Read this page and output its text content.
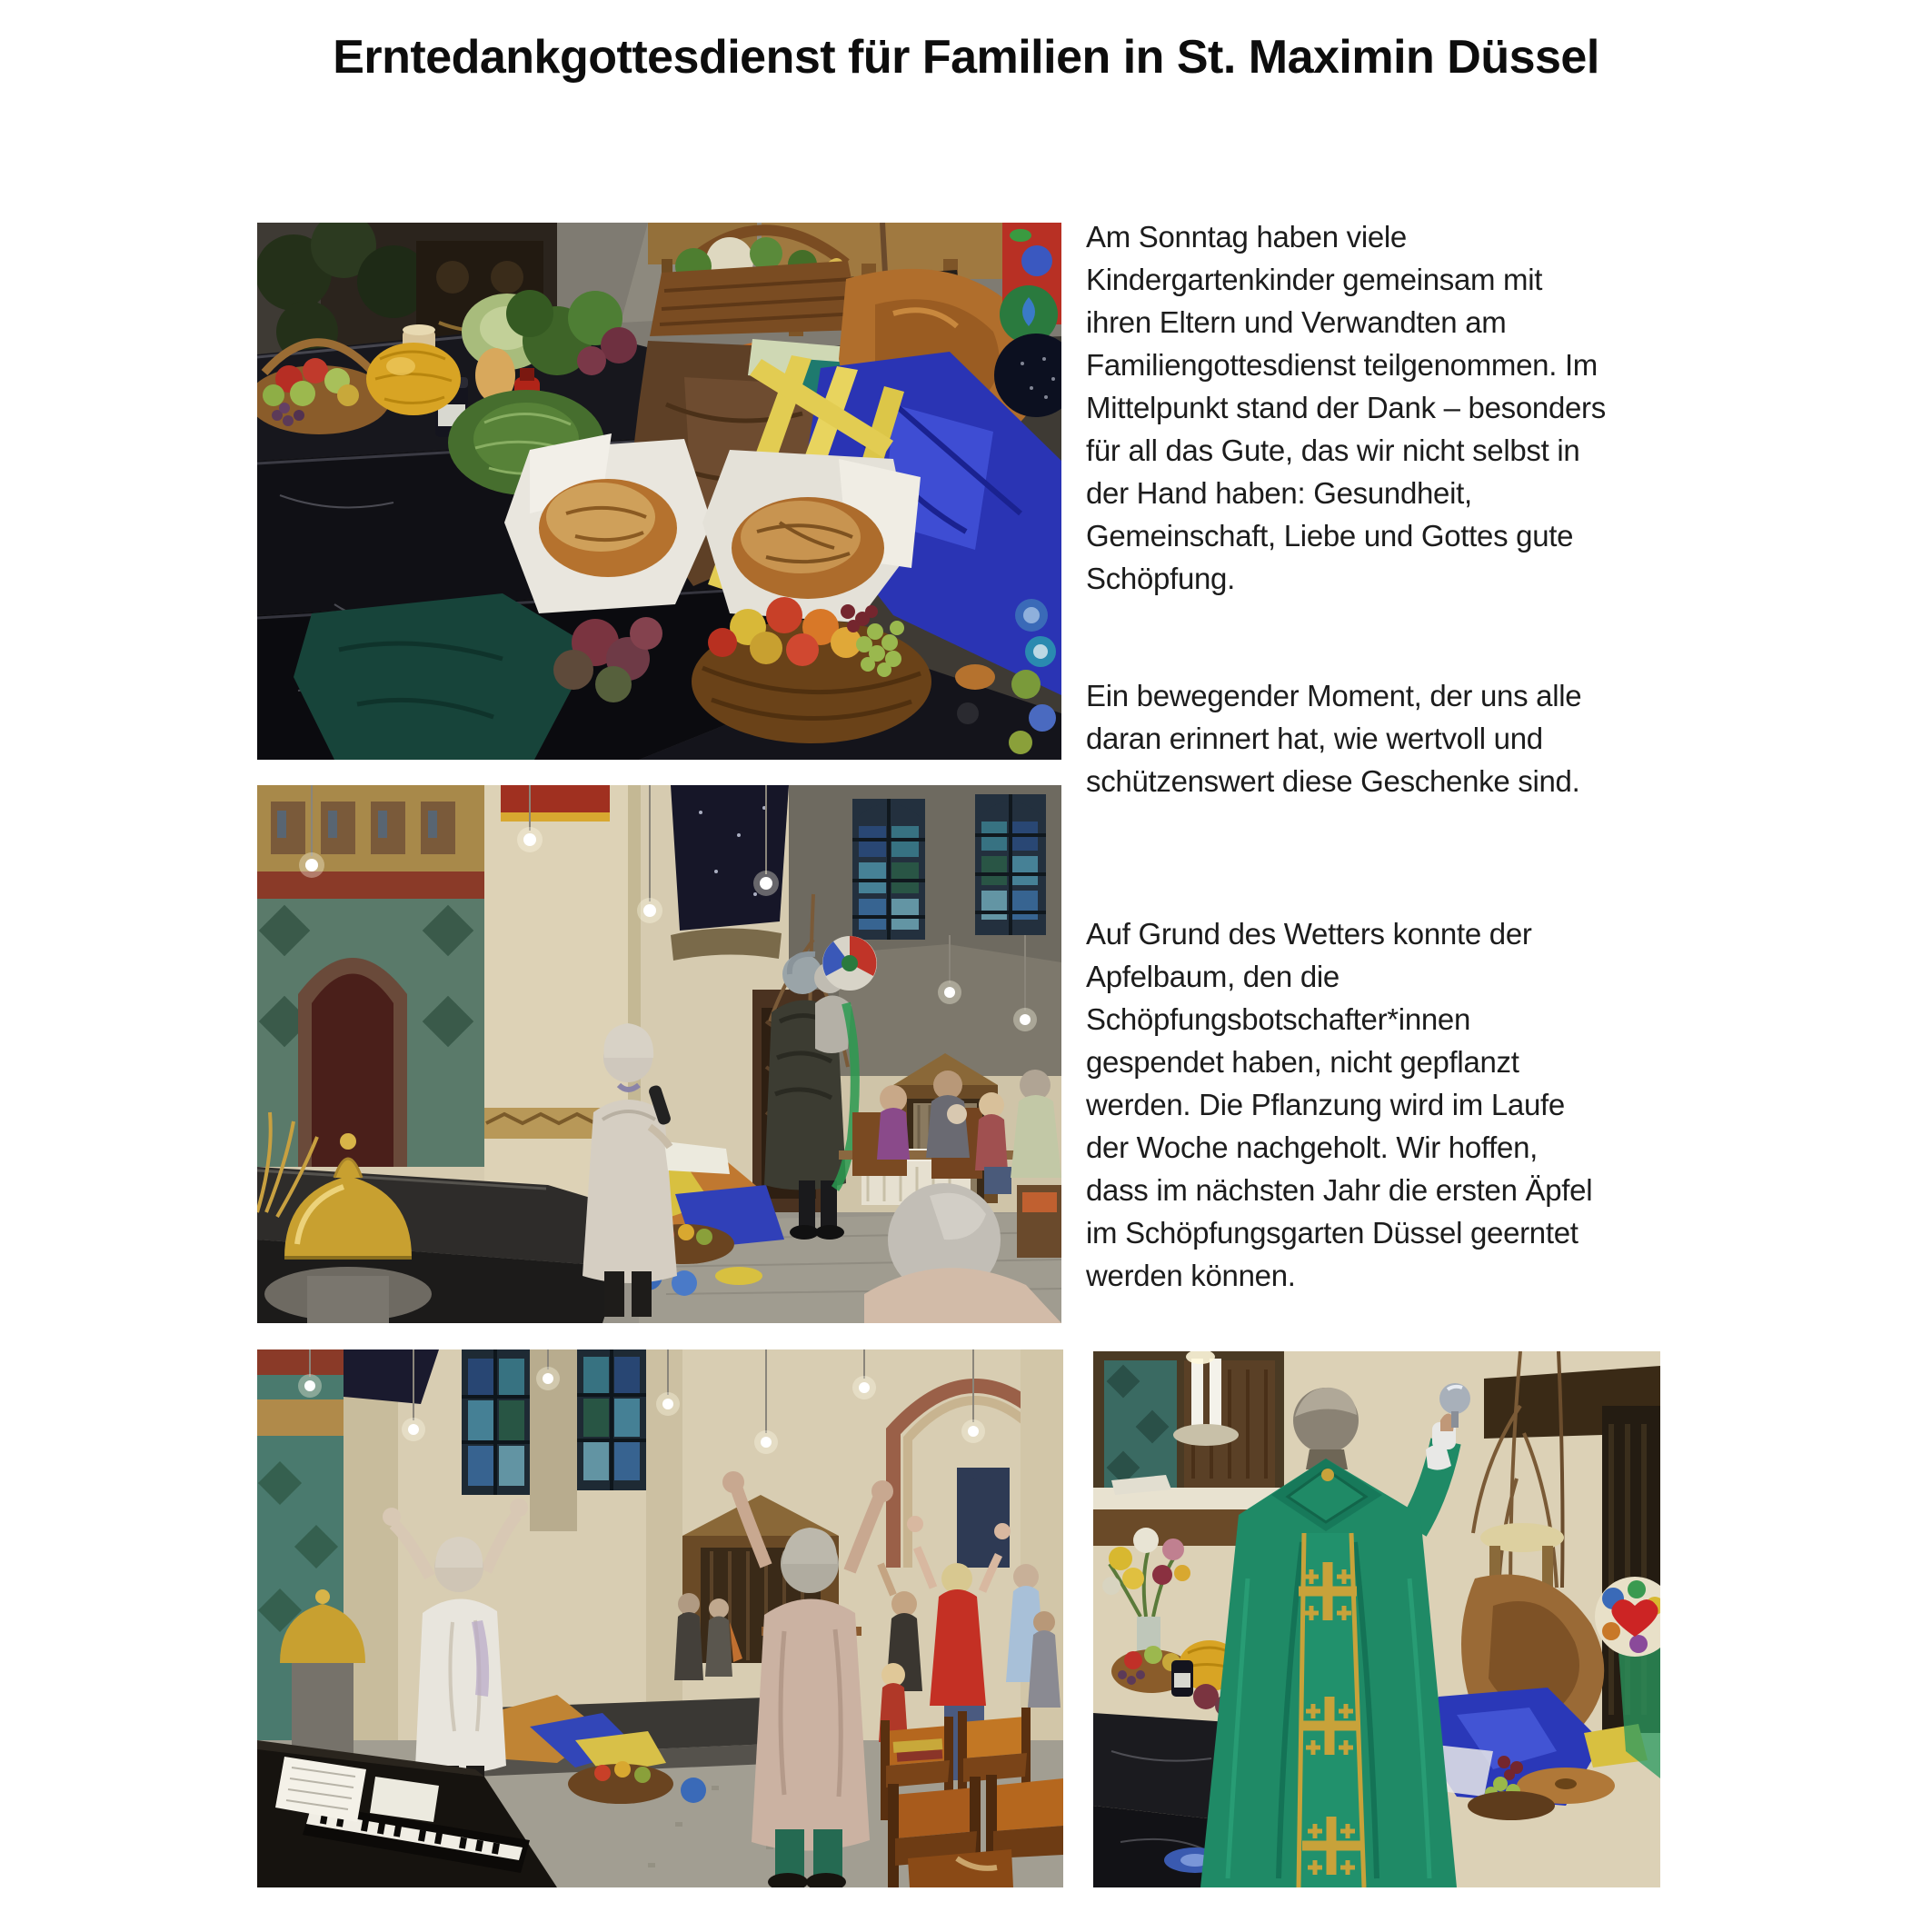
Erntedankgottesdienst für Familien in St. Maximin Düssel
Am Sonntag haben viele
Kindergartenkinder gemeinsam mit
ihren Eltern und Verwandten am
Familiengottesdienst teilgenommen. Im
Mittelpunkt stand der Dank – besonders
für all das Gute, das wir nicht selbst in
der Hand haben: Gesundheit,
Gemeinschaft, Liebe und Gottes gute
Schöpfung.
Ein bewegender Moment, der uns alle
daran erinnert hat, wie wertvoll und
schützenswert diese Geschenke sind.
Auf Grund des Wetters konnte der
Apfelbaum, den die
Schöpfungsbotschafter*innen
gespendet haben, nicht gepflanzt
werden. Die Pflanzung wird im Laufe
der Woche nachgeholt. Wir hoffen,
dass im nächsten Jahr die ersten Äpfel
im Schöpfungsgarten Düssel geerntet
werden können.
